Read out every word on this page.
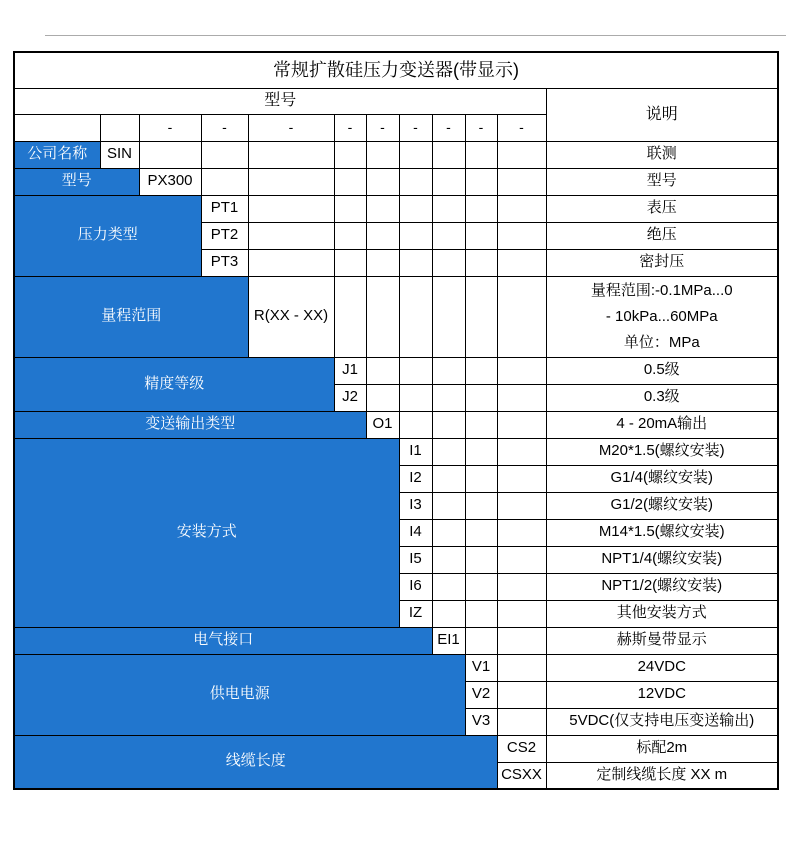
常规扩散硅压力变送器(带显示)											
型号											说明
		-	-	-	-	-	-	-	-	-	
公司名称	SIN										联测
型号		PX300									型号
压力类型			PT1								表压
			PT2								绝压
			PT3								密封压
量程范围				R(XX - XX)							量程范围:-0.1MPa...0
- 10kPa...60MPa
单位：MPa

精度等级					J1						0.5级
					J2						0.3级
变送输出类型						O1					4 - 20mA输出
安装方式							I1				M20*1.5(螺纹安装)
							I2				G1/4(螺纹安装)
							I3				G1/2(螺纹安装)
							I4				M14*1.5(螺纹安装)
							I5				NPT1/4(螺纹安装)
							I6				NPT1/2(螺纹安装)
							IZ				其他安装方式
电气接口								EI1			赫斯曼带显示
供电电源									V1		24VDC
									V2		12VDC
									V3		5VDC(仅支持电压变送输出)
线缆长度										CS2	标配2m
										CSXX	定制线缆长度 XX m
